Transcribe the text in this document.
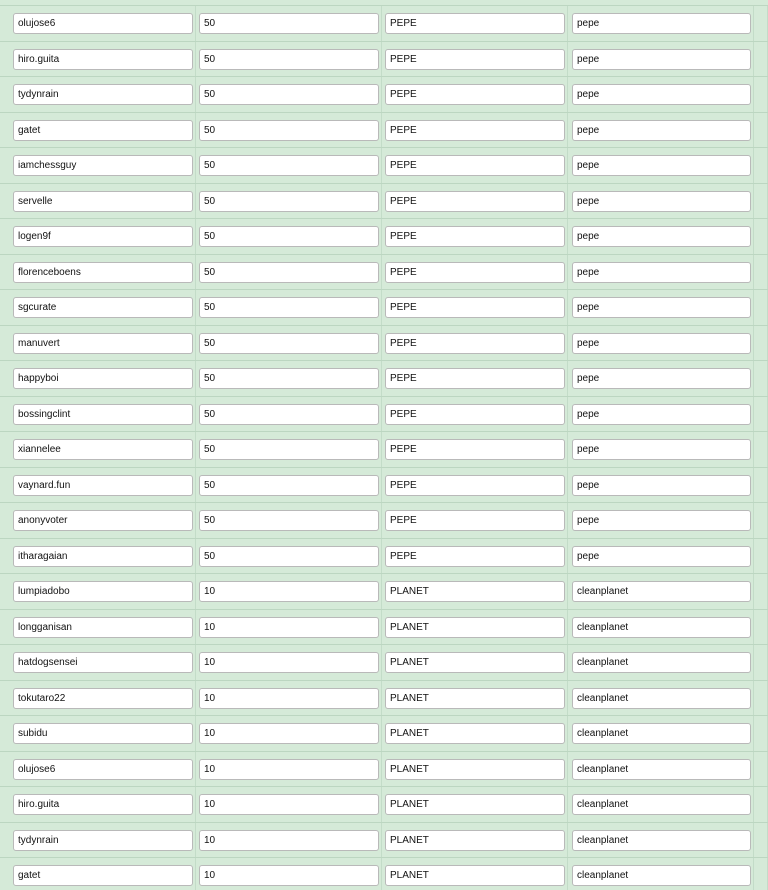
olujose6	50	PEPE	pepe
hiro.guita	50	PEPE	pepe
tydynrain	50	PEPE	pepe
gatet	50	PEPE	pepe
iamchessguy	50	PEPE	pepe
servelle	50	PEPE	pepe
logen9f	50	PEPE	pepe
florenceboens	50	PEPE	pepe
sgcurate	50	PEPE	pepe
manuvert	50	PEPE	pepe
happyboi	50	PEPE	pepe
bossingclint	50	PEPE	pepe
xiannelee	50	PEPE	pepe
vaynard.fun	50	PEPE	pepe
anonyvoter	50	PEPE	pepe
itharagaian	50	PEPE	pepe
lumpiadobo	10	PLANET	cleanplanet
longganisan	10	PLANET	cleanplanet
hatdogsensei	10	PLANET	cleanplanet
tokutaro22	10	PLANET	cleanplanet
subidu	10	PLANET	cleanplanet
olujose6	10	PLANET	cleanplanet
hiro.guita	10	PLANET	cleanplanet
tydynrain	10	PLANET	cleanplanet
gatet	10	PLANET	cleanplanet
